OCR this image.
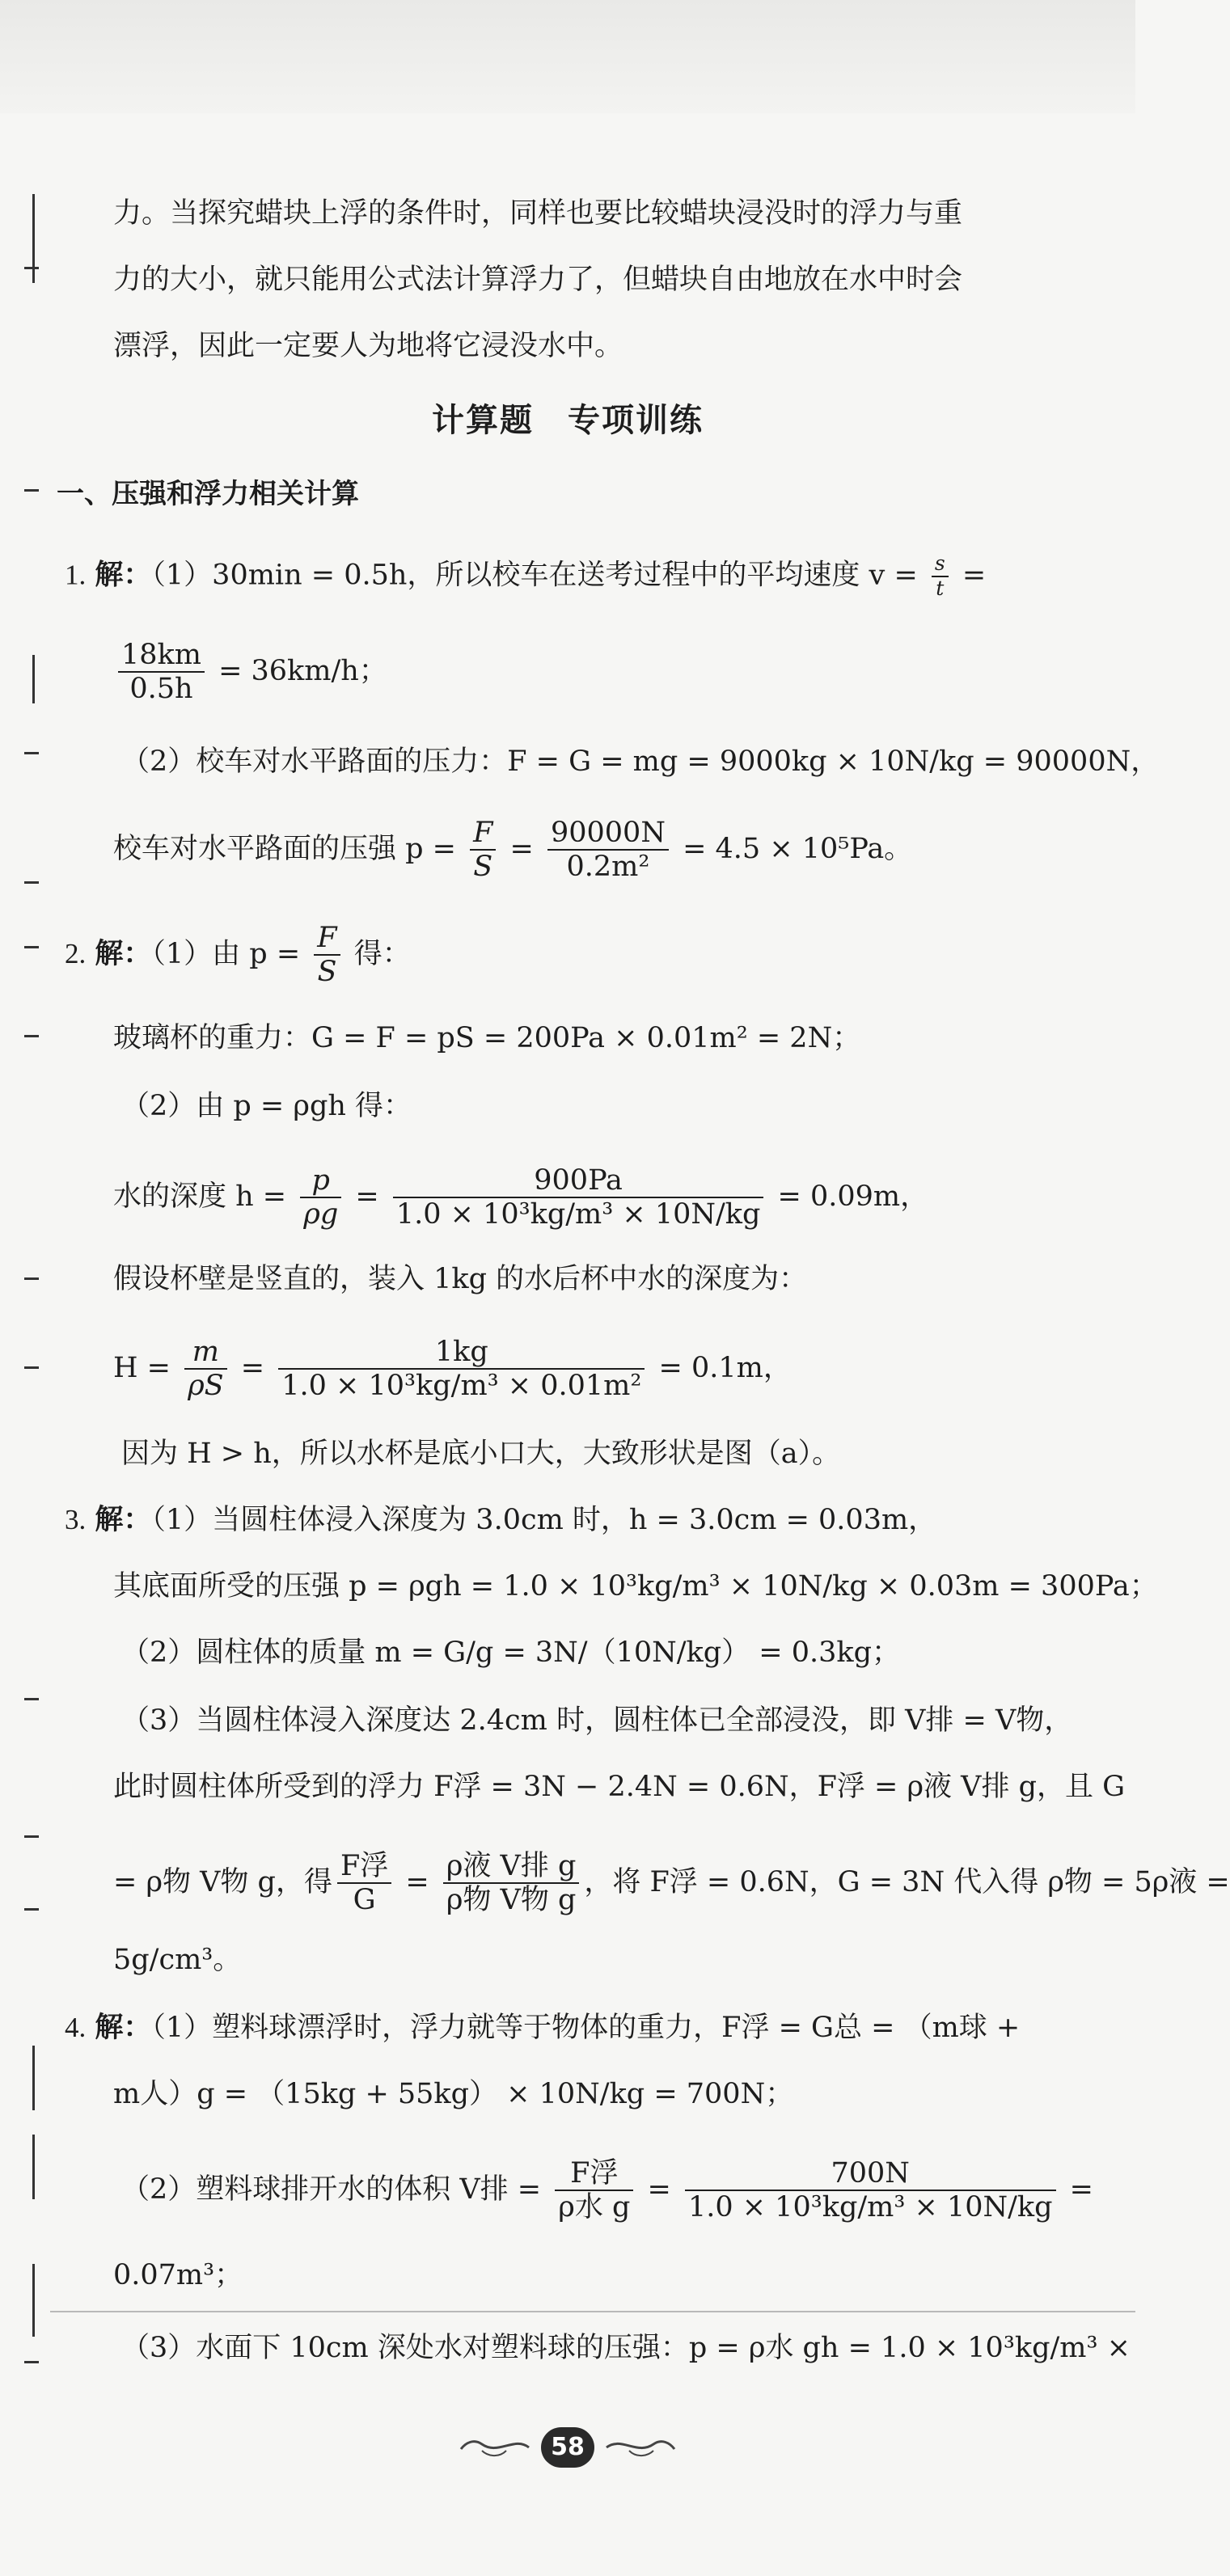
力。当探究蜡块上浮的条件时，同样也要比较蜡块浸没时的浮力与重
力的大小，就只能用公式法计算浮力了，但蜡块自由地放在水中时会
漂浮，因此一定要人为地将它浸没水中。
计算题　专项训练
一、压强和浮力相关计算
1. 解：（1）30min = 0.5h，所以校车在送考过程中的平均速度 $v = \frac{s}{t}$ =
$\frac{18km}{0.5h} = 36km/h$；
（2）校车对水平路面的压力：F = G = mg = 9000kg × 10N/kg = 90000N，
校车对水平路面的压强 $p = \frac{F}{S} = \frac{90000N}{\text{0.2m²}} = 4.5 \times 10^5Pa$。
2. 解：（1）由 $p = \frac{F}{S}$ 得：
玻璃杯的重力：G = F = pS = 200Pa × 0.01m² = 2N；
（2）由 p = ρgh 得：
水的深度 $h = \frac{p}{\rho g} = \frac{900Pa}{\text{1.0 × 10³kg/m³ × 10N/kg}} = 0.09m$，
假设杯壁是竖直的，装入 1kg 的水后杯中水的深度为：
$H = \frac{m}{\rho S} = \frac{1kg}{\text{1.0 × 10³kg/m³ × 0.01m²}} = 0.1m$，
因为 H > h，所以水杯是底小口大，大致形状是图（a）。
3. 解：（1）当圆柱体浸入深度为 3.0cm 时，h = 3.0cm = 0.03m，
其底面所受的压强 p = ρgh = 1.0 × 10³kg/m³ × 10N/kg × 0.03m = 300Pa；
（2）圆柱体的质量 m = G/g = 3N/（10N/kg） = 0.3kg；
（3）当圆柱体浸入深度达 2.4cm 时，圆柱体已全部浸没，即 V排 = V物，
此时圆柱体所受到的浮力 F浮 = 3N − 2.4N = 0.6N，F浮 = ρ液 V排 g，且 G
= ρ物 V物 g，得 $\frac{\text{F浮}}{G} = \frac{\text{ρ液 V排 g}}{\text{ρ物 V物 g}}$ ，将 F浮 = 0.6N，G = 3N 代入得 ρ物 = 5ρ液 =
5g/cm³。
4. 解：（1）塑料球漂浮时，浮力就等于物体的重力，F浮 = G总 = （m球 +
m人）g = （15kg + 55kg） × 10N/kg = 700N；
（2）塑料球排开水的体积 V排 = $\frac{\text{F浮}}{\text{ρ水 g}} = \frac{700N}{\text{1.0 × 10³kg/m³ × 10N/kg}}$ =
0.07m³；
（3）水面下 10cm 深处水对塑料球的压强：p = ρ水 gh = 1.0 × 10³kg/m³ ×
58
